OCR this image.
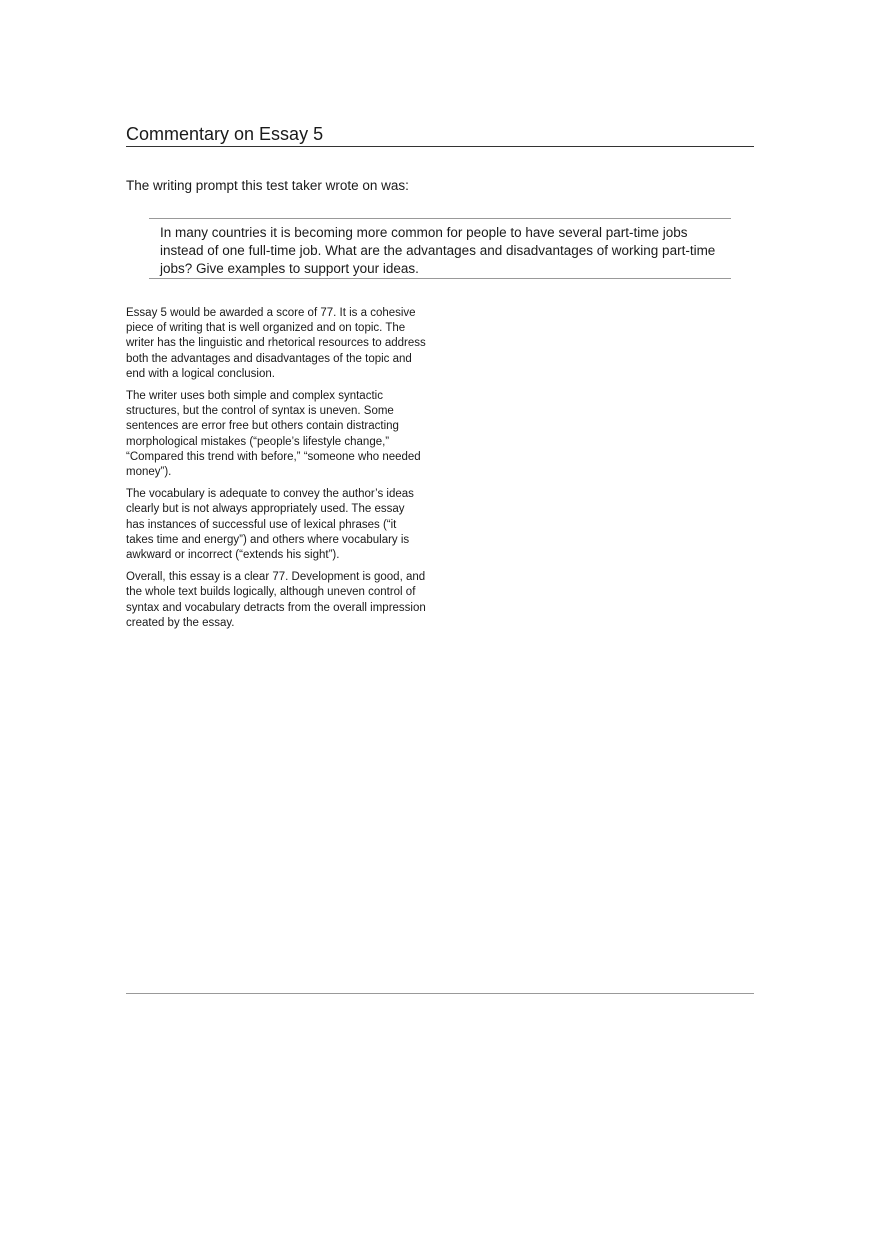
Commentary on Essay 5

The writing prompt this test taker wrote on was:

In many countries it is becoming more common for people to have several part-time jobs instead of one full-time job. What are the advantages and disadvantages of working part-time jobs? Give examples to support your ideas.

Essay 5 would be awarded a score of 77. It is a cohesive piece of writing that is well organized and on topic. The writer has the linguistic and rhetorical resources to address both the advantages and disadvantages of the topic and end with a logical conclusion.

The writer uses both simple and complex syntactic structures, but the control of syntax is uneven. Some sentences are error free but others contain distracting morphological mistakes (“people’s lifestyle change,” “Compared this trend with before,” “someone who needed money”).

The vocabulary is adequate to convey the author’s ideas clearly but is not always appropriately used. The essay has instances of successful use of lexical phrases (“it takes time and energy”) and others where vocabulary is awkward or incorrect (“extends his sight”).

Overall, this essay is a clear 77. Development is good, and the whole text builds logically, although uneven control of syntax and vocabulary detracts from the overall impression created by the essay.
